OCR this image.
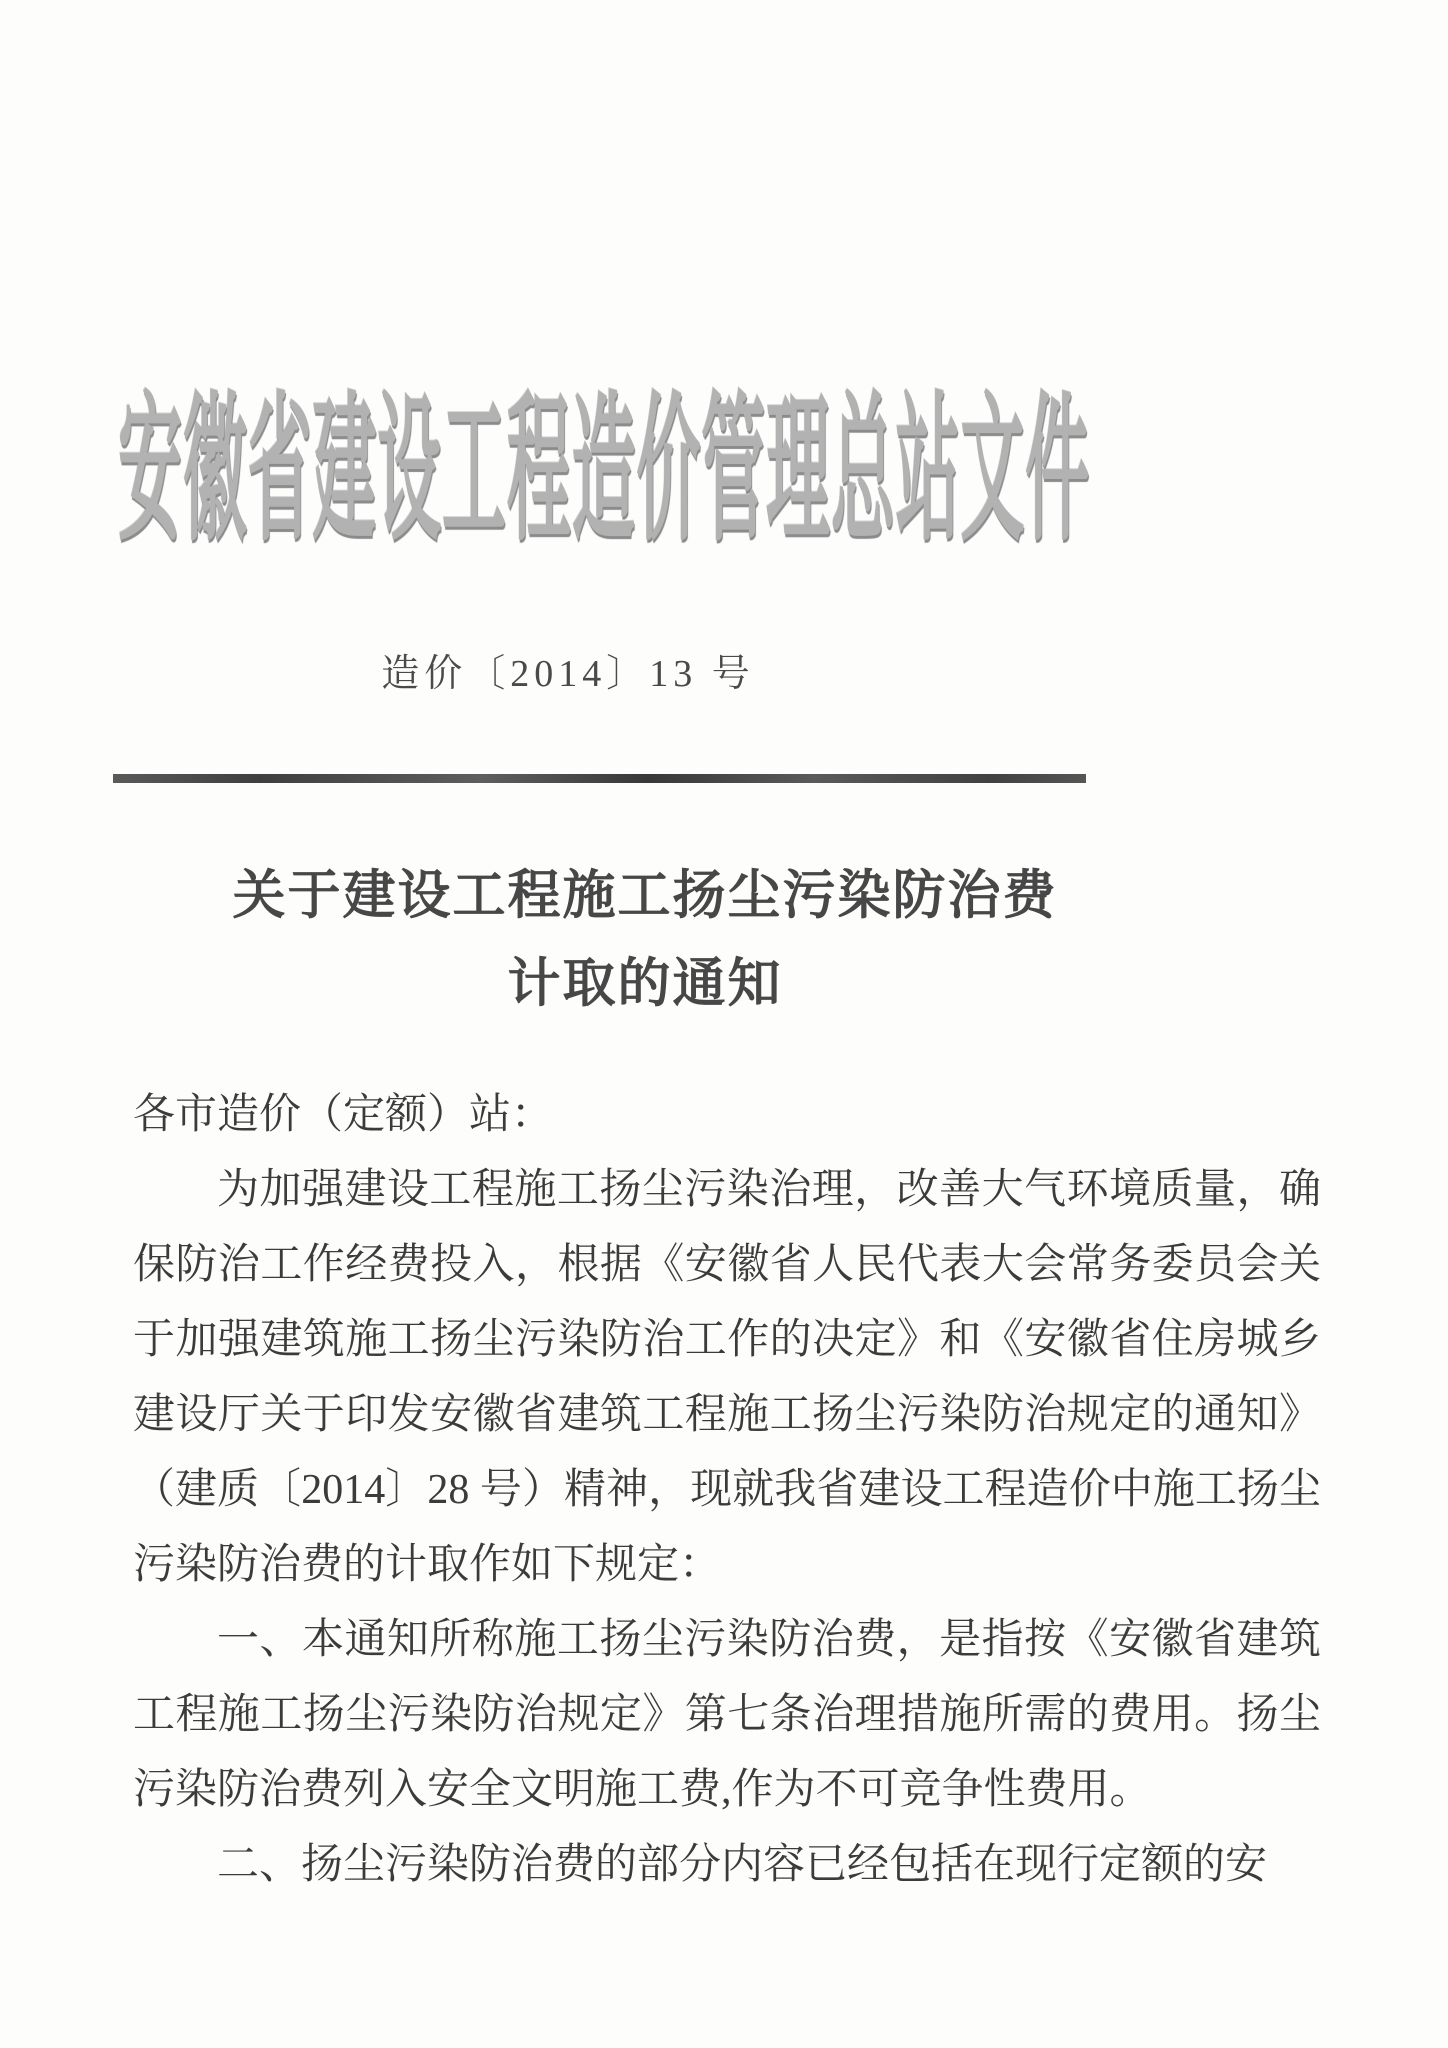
安徽省建设工程造价管理总站文件
造价〔2014〕13 号
关于建设工程施工扬尘污染防治费
计取的通知

各市造价（定额）站：

为加强建设工程施工扬尘污染治理，改善大气环境质量，确保防治工作经费投入，根据《安徽省人民代表大会常务委员会关于加强建筑施工扬尘污染防治工作的决定》和《安徽省住房城乡建设厅关于印发安徽省建筑工程施工扬尘污染防治规定的通知》（建质〔2014〕28 号）精神，现就我省建设工程造价中施工扬尘污染防治费的计取作如下规定：

一、本通知所称施工扬尘污染防治费，是指按《安徽省建筑工程施工扬尘污染防治规定》第七条治理措施所需的费用。扬尘污染防治费列入安全文明施工费,作为不可竞争性费用。

二、扬尘污染防治费的部分内容已经包括在现行定额的安
